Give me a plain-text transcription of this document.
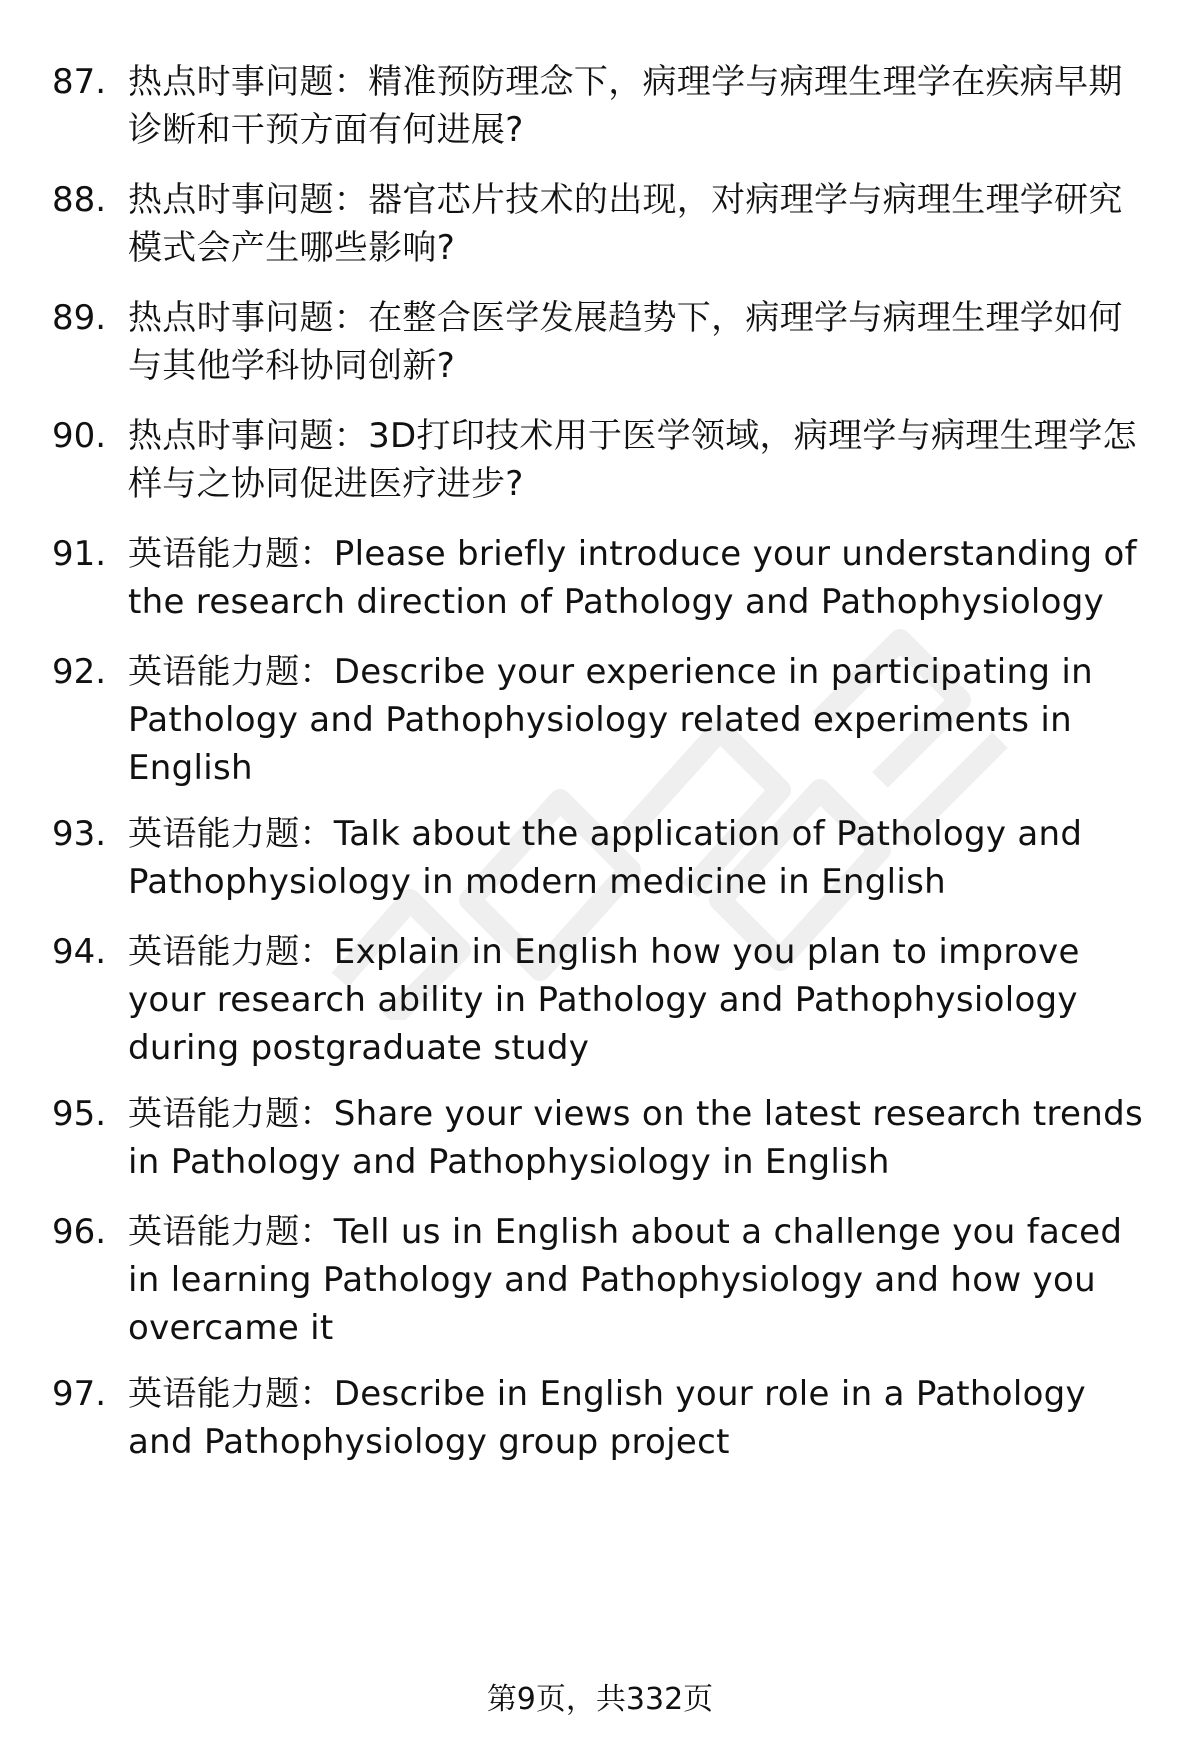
87. 热点时事问题：精准预防理念下，病理学与病理生理学在疾病早期诊断和干预方面有何进展?
88. 热点时事问题：器官芯片技术的出现，对病理学与病理生理学研究模式会产生哪些影响?
89. 热点时事问题：在整合医学发展趋势下，病理学与病理生理学如何与其他学科协同创新?
90. 热点时事问题：3D打印技术用于医学领域，病理学与病理生理学怎样与之协同促进医疗进步?
91. 英语能力题：Please briefly introduce your understanding of the research direction of Pathology and Pathophysiology
92. 英语能力题：Describe your experience in participating in Pathology and Pathophysiology related experiments in English
93. 英语能力题：Talk about the application of Pathology and Pathophysiology in modern medicine in English
94. 英语能力题：Explain in English how you plan to improve your research ability in Pathology and Pathophysiology during postgraduate study
95. 英语能力题：Share your views on the latest research trends in Pathology and Pathophysiology in English
96. 英语能力题：Tell us in English about a challenge you faced in learning Pathology and Pathophysiology and how you overcame it
97. 英语能力题：Describe in English your role in a Pathology and Pathophysiology group project
第9页，共332页
